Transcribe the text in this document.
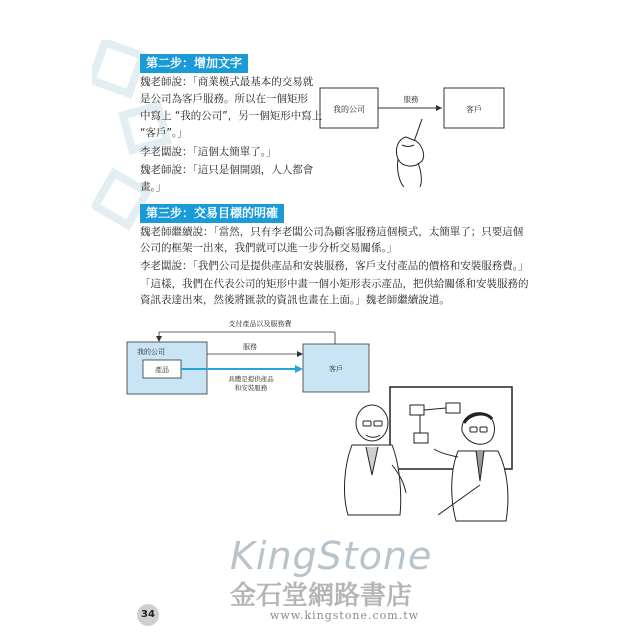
第二步：增加文字

魏老師說：「商業模式最基本的交易就

是公司為客戶服務。所以在一個矩形

中寫上 “我的公司”，另一個矩形中寫上

“客戶”。」

李老闆說：「這個太簡單了。」

魏老師說：「這只是個開頭，人人都會

畫。」

我的公司
服務
客戶
第三步：交易目標的明確

魏老師繼續說：「當然，只有李老闆公司為顧客服務這個模式，太簡單了；只要這個

公司的框架一出來，我們就可以進一步分析交易關係。」

李老闆說：「我們公司是提供產品和安裝服務，客戶支付產品的價格和安裝服務費。」

「這樣，我們在代表公司的矩形中畫一個小矩形表示產品，把供給關係和安裝服務的

資訊表達出來，然後將匯款的資訊也畫在上面。」魏老師繼續說道。

支付產品以及服務費
我的公司
產品
服務
具體是提供產品
和安裝服務
客戶
KingStone
金石堂網路書店
www.kingstone.com.tw
34
